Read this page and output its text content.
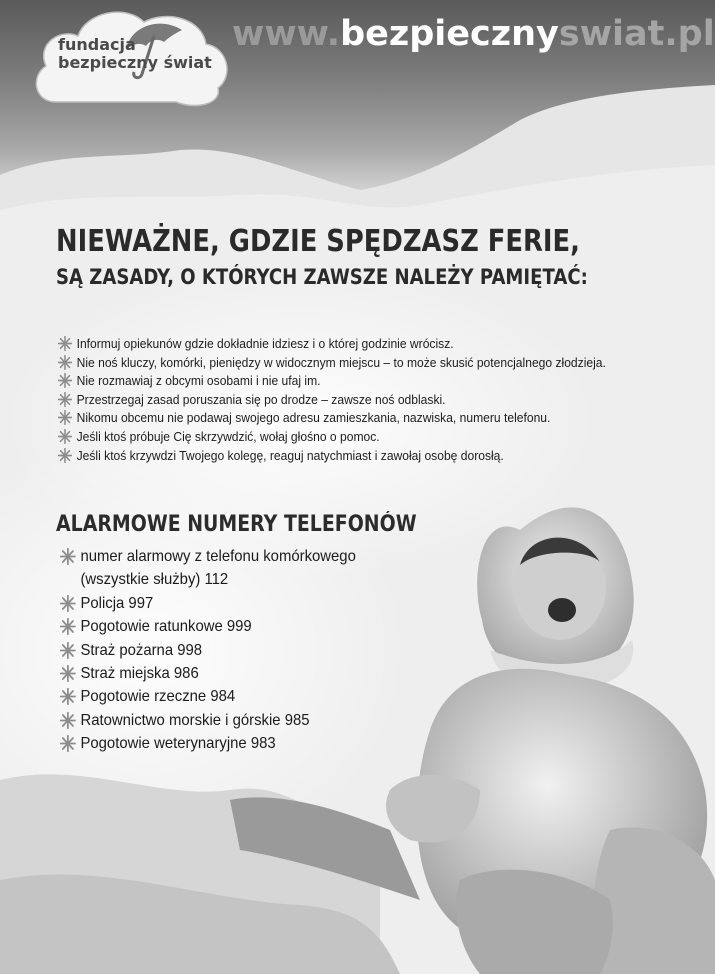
fundacja
bezpieczny świat
www.bezpiecznyswiat.pl
NIEWAŻNE, GDZIE SPĘDZASZ FERIE,
SĄ ZASADY, O KTÓRYCH ZAWSZE NALEŻY PAMIĘTAĆ:
Informuj opiekunów gdzie dokładnie idziesz i o której godzinie wrócisz.
Nie noś kluczy, komórki, pieniędzy w widocznym miejscu – to może skusić potencjalnego złodzieja.
Nie rozmawiaj z obcymi osobami i nie ufaj im.
Przestrzegaj zasad poruszania się po drodze – zawsze noś odblaski.
Nikomu obcemu nie podawaj swojego adresu zamieszkania, nazwiska, numeru telefonu.
Jeśli ktoś próbuje Cię skrzywdzić, wołaj głośno o pomoc.
Jeśli ktoś krzywdzi Twojego kolegę, reaguj natychmiast i zawołaj osobę dorosłą.
ALARMOWE NUMERY TELEFONÓW
numer alarmowy z telefonu komórkowego
(wszystkie służby) 112
Policja 997
Pogotowie ratunkowe 999
Straż pożarna 998
Straż miejska 986
Pogotowie rzeczne 984
Ratownictwo morskie i górskie 985
Pogotowie weterynaryjne 983
